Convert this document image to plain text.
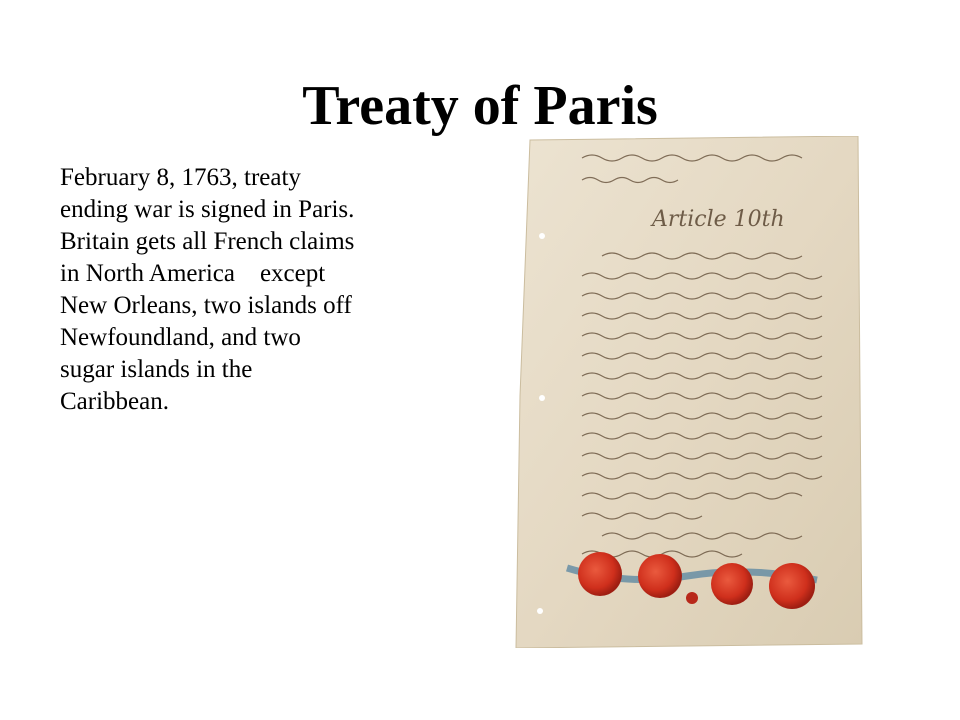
Treaty of Paris
February 8, 1763, treaty
ending war is signed in Paris.
Britain gets all French claims
in North America    except
New Orleans, two islands off
Newfoundland, and two
sugar islands in the
Caribbean.
Article 10th
